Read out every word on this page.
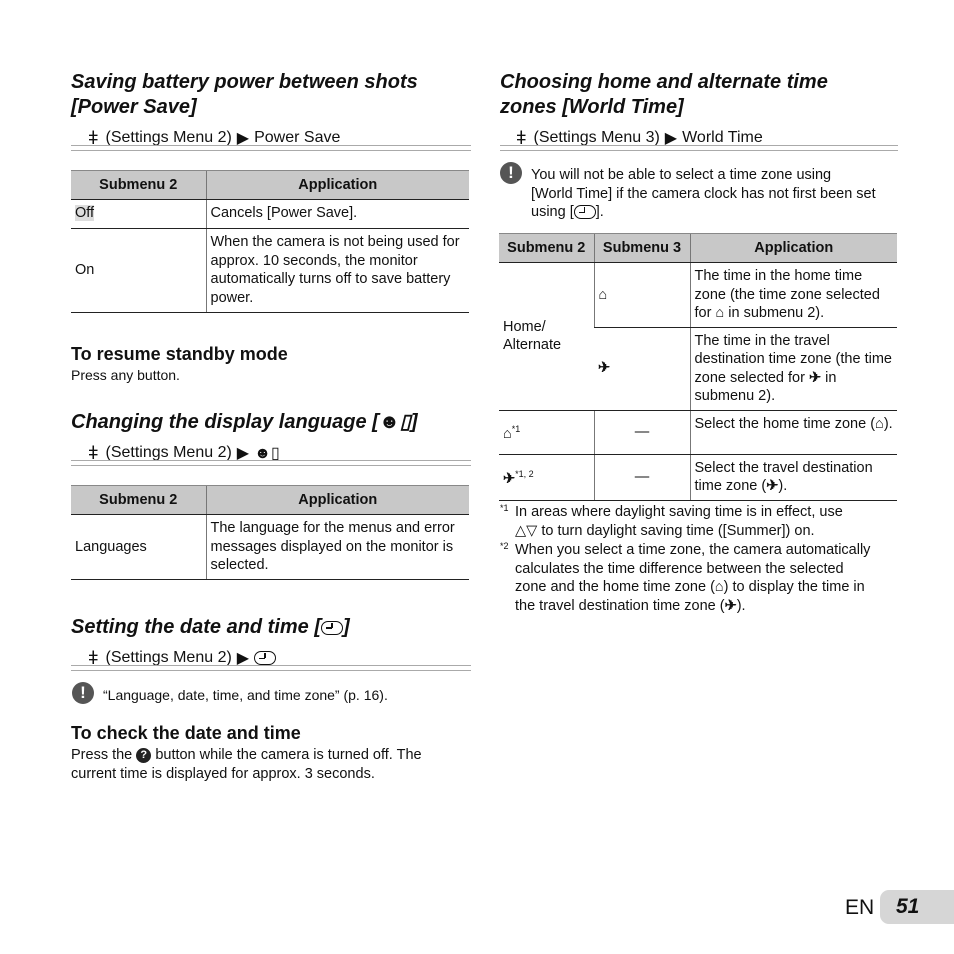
Saving battery power between shots
[Power Save]
ǂ (Settings Menu 2) ▶ Power Save
Submenu 2	Application
Off	Cancels [Power Save].
On	When the camera is not being used for approx. 10 seconds, the monitor automatically turns off to save battery power.
To resume standby mode
Press any button.
Changing the display language [☻▯]
ǂ (Settings Menu 2) ▶ ☻▯
Submenu 2	Application
Languages	The language for the menus and error messages displayed on the monitor is selected.
Setting the date and time [ ]
ǂ (Settings Menu 2) ▶
!	“Language, date, time, and time zone” (p. 16).
To check the date and time
Press the ? button while the camera is turned off. The
current time is displayed for approx. 3 seconds.
Choosing home and alternate time
zones [World Time]
ǂ (Settings Menu 3) ▶ World Time
!	You will not be able to select a time zone using
[World Time] if the camera clock has not first been set
using [ ].
Submenu 2	Submenu 3	Application
Home/ Alternate	⌂	The time in the home time zone (the time zone selected for ⌂ in submenu 2).
	✈	The time in the travel destination time zone (the time zone selected for ✈ in submenu 2).
⌂$^{*1}$	—	Select the home time zone (⌂).
✈$^{*1, 2}$	—	Select the travel destination time zone (✈).
*1 In areas where daylight saving time is in effect, use
△▽ to turn daylight saving time ([Summer]) on.
*2 When you select a time zone, the camera automatically
calculates the time difference between the selected
zone and the home time zone (⌂) to display the time in
the travel destination time zone (✈).
EN 51
